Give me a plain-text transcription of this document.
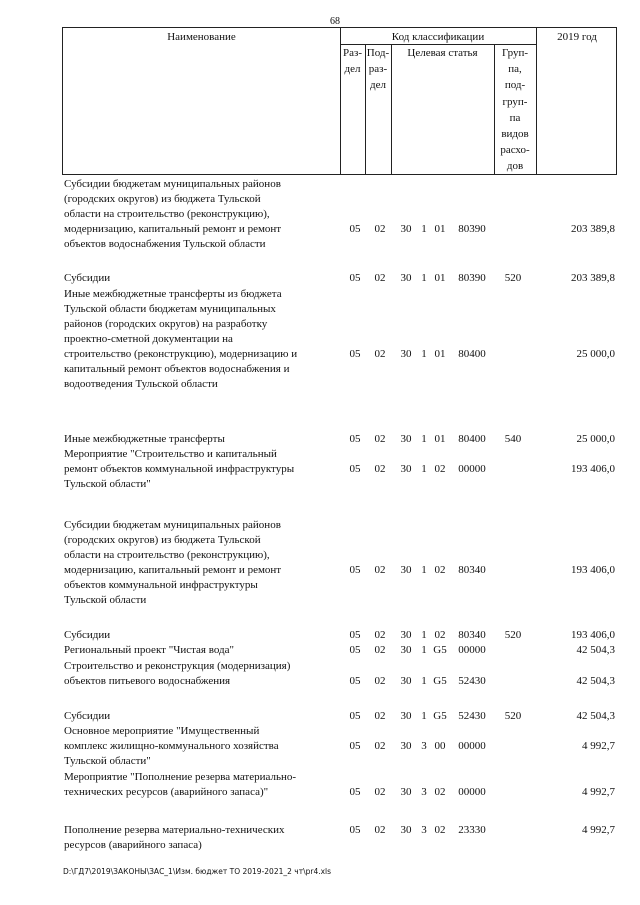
68
Наименование	Код классификации	2019 год
Раз-
дел
Под-
раз-
дел
Целевая статья	Груп-
па,
под-
груп-
па
видов
расхо-
дов
Субсидии бюджетам муниципальных районов
(городских округов) из бюджета Тульской
области на строительство (реконструкцию),
модернизацию, капитальный ремонт и ремонт
объектов водоснабжения Тульской области
05	02	30 1 01	80390	203 389,8
Субсидии	05	02	30 1 01	80390	520	203 389,8
Иные межбюджетные трансферты из бюджета
Тульской области бюджетам муниципальных
районов (городских округов) на разработку
проектно-сметной документации на
строительство (реконструкцию), модернизацию и
капитальный ремонт объектов водоснабжения и
водоотведения Тульской области
05	02	30 1 01	80400	25 000,0
Иные межбюджетные трансферты	05	02	30 1 01	80400	540	25 000,0
Мероприятие "Строительство и капитальный
ремонт объектов коммунальной инфраструктуры
Тульской области"
05	02	30 1 02	00000	193 406,0
Субсидии бюджетам муниципальных районов
(городских округов) из бюджета Тульской
области на строительство (реконструкцию),
модернизацию, капитальный ремонт и ремонт
объектов коммунальной инфраструктуры
Тульской области
05	02	30 1 02	80340	193 406,0
Субсидии	05	02	30 1 02	80340	520	193 406,0
Региональный проект "Чистая вода"	05	02	30 1 G5	00000	42 504,3
Строительство и реконструкция (модернизация)
объектов питьевого водоснабжения	05	02	30 1 G5	52430	42 504,3
Субсидии	05	02	30 1 G5	52430	520	42 504,3
Основное мероприятие "Имущественный
комплекс жилищно-коммунального хозяйства
Тульской области"
05	02	30 3 00	00000	4 992,7
Мероприятие "Пополнение резерва материально-
технических ресурсов (аварийного запаса)"	05	02	30 3 02	00000	4 992,7
Пополнение резерва материально-технических
ресурсов (аварийного запаса)
05	02	30 3 02	23330	4 992,7
D:\ГД7\2019\ЗАКОНЫ\ЗАС_1\Изм. бюджет ТО 2019-2021_2 чт\pr4.xls
